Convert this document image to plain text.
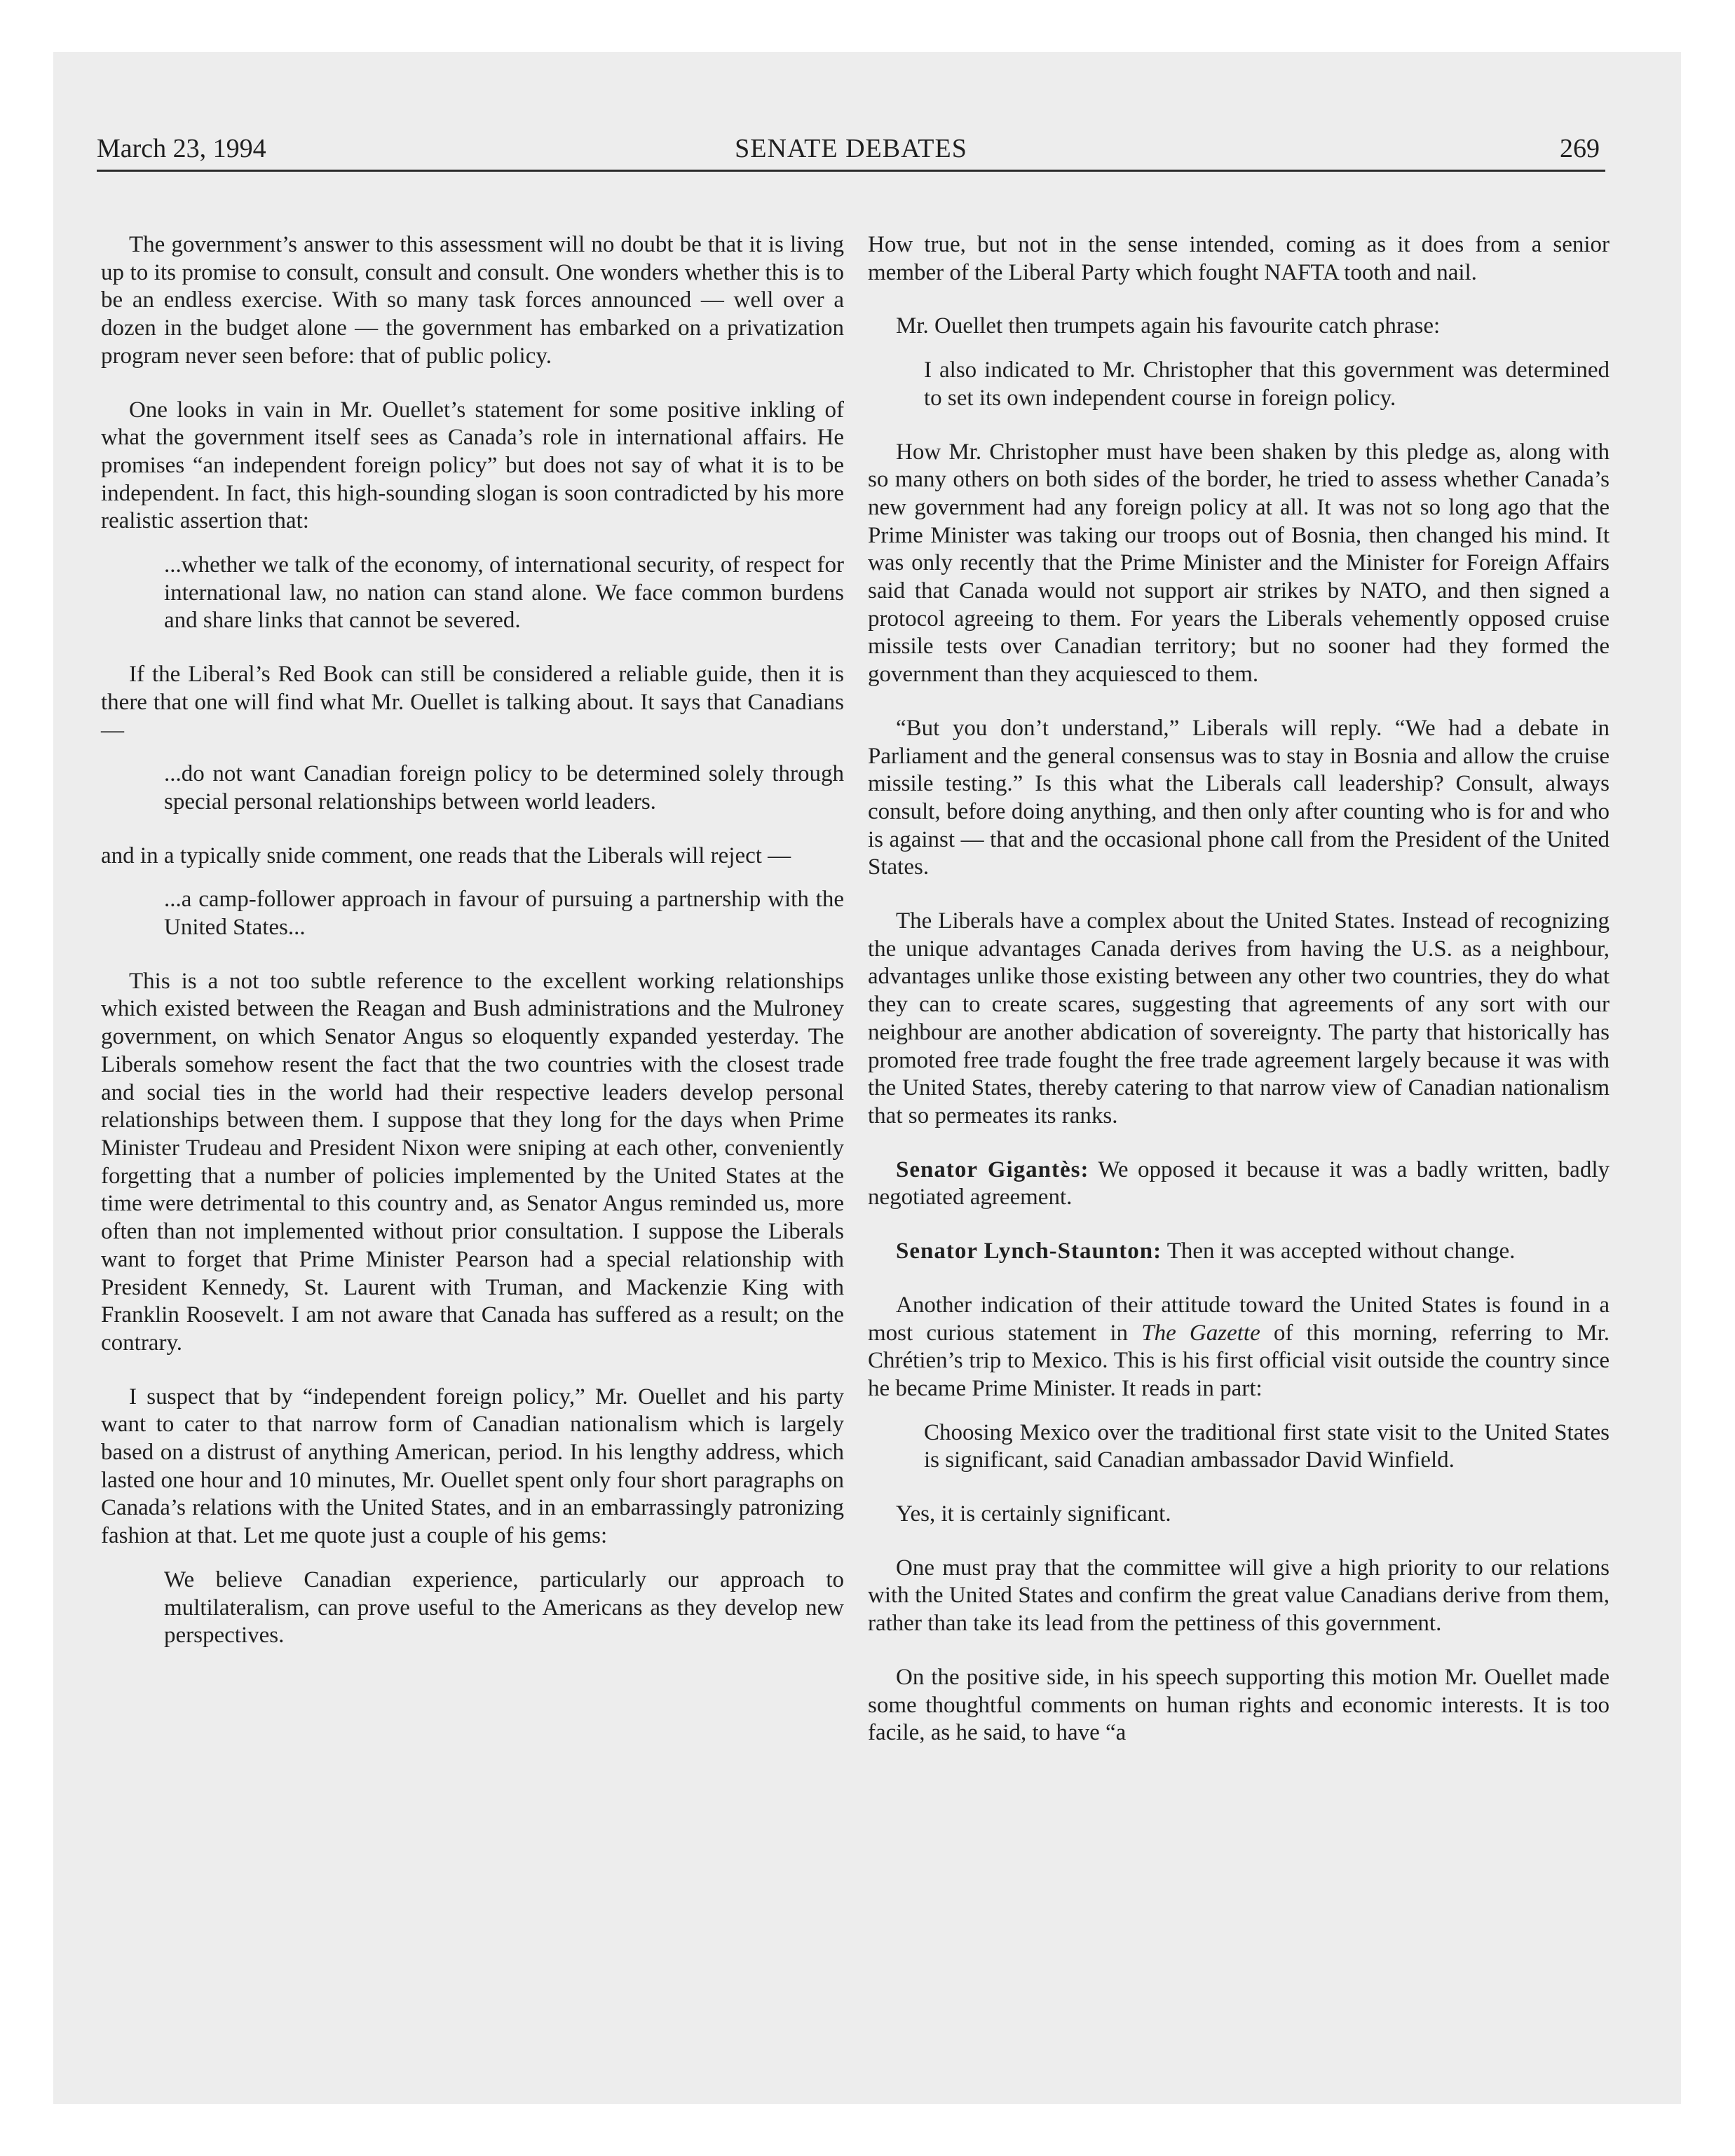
March 23, 1994	SENATE DEBATES	269

The government’s answer to this assessment will no doubt be that it is living up to its promise to consult, consult and consult. One wonders whether this is to be an endless exercise. With so many task forces announced — well over a dozen in the budget alone — the government has embarked on a privatization program never seen before: that of public policy.

One looks in vain in Mr. Ouellet’s statement for some positive inkling of what the government itself sees as Canada’s role in international affairs. He promises “an independent foreign policy” but does not say of what it is to be independent. In fact, this high-sounding slogan is soon contradicted by his more realistic assertion that:

...whether we talk of the economy, of international security, of respect for international law, no nation can stand alone. We face common burdens and share links that cannot be severed.

If the Liberal’s Red Book can still be considered a reliable guide, then it is there that one will find what Mr. Ouellet is talking about. It says that Canadians —

...do not want Canadian foreign policy to be determined solely through special personal relationships between world leaders.

and in a typically snide comment, one reads that the Liberals will reject —

...a camp-follower approach in favour of pursuing a partnership with the United States...

This is a not too subtle reference to the excellent working relationships which existed between the Reagan and Bush administrations and the Mulroney government, on which Senator Angus so eloquently expanded yesterday. The Liberals somehow resent the fact that the two countries with the closest trade and social ties in the world had their respective leaders develop personal relationships between them. I suppose that they long for the days when Prime Minister Trudeau and President Nixon were sniping at each other, conveniently forgetting that a number of policies implemented by the United States at the time were detrimental to this country and, as Senator Angus reminded us, more often than not implemented without prior consultation. I suppose the Liberals want to forget that Prime Minister Pearson had a special relationship with President Kennedy, St. Laurent with Truman, and Mackenzie King with Franklin Roosevelt. I am not aware that Canada has suffered as a result; on the contrary.

I suspect that by “independent foreign policy,” Mr. Ouellet and his party want to cater to that narrow form of Canadian nationalism which is largely based on a distrust of anything American, period. In his lengthy address, which lasted one hour and 10 minutes, Mr. Ouellet spent only four short paragraphs on Canada’s relations with the United States, and in an embarrassingly patronizing fashion at that. Let me quote just a couple of his gems:

We believe Canadian experience, particularly our approach to multilateralism, can prove useful to the Americans as they develop new perspectives.

How true, but not in the sense intended, coming as it does from a senior member of the Liberal Party which fought NAFTA tooth and nail.

Mr. Ouellet then trumpets again his favourite catch phrase:

I also indicated to Mr. Christopher that this government was determined to set its own independent course in foreign policy.

How Mr. Christopher must have been shaken by this pledge as, along with so many others on both sides of the border, he tried to assess whether Canada’s new government had any foreign policy at all. It was not so long ago that the Prime Minister was taking our troops out of Bosnia, then changed his mind. It was only recently that the Prime Minister and the Minister for Foreign Affairs said that Canada would not support air strikes by NATO, and then signed a protocol agreeing to them. For years the Liberals vehemently opposed cruise missile tests over Canadian territory; but no sooner had they formed the government than they acquiesced to them.

“But you don’t understand,” Liberals will reply. “We had a debate in Parliament and the general consensus was to stay in Bosnia and allow the cruise missile testing.” Is this what the Liberals call leadership? Consult, always consult, before doing anything, and then only after counting who is for and who is against — that and the occasional phone call from the President of the United States.

The Liberals have a complex about the United States. Instead of recognizing the unique advantages Canada derives from having the U.S. as a neighbour, advantages unlike those existing between any other two countries, they do what they can to create scares, suggesting that agreements of any sort with our neighbour are another abdication of sovereignty. The party that historically has promoted free trade fought the free trade agreement largely because it was with the United States, thereby catering to that narrow view of Canadian nationalism that so permeates its ranks.

Senator Gigantès: We opposed it because it was a badly written, badly negotiated agreement.

Senator Lynch-Staunton: Then it was accepted without change.

Another indication of their attitude toward the United States is found in a most curious statement in The Gazette of this morning, referring to Mr. Chrétien’s trip to Mexico. This is his first official visit outside the country since he became Prime Minister. It reads in part:

Choosing Mexico over the traditional first state visit to the United States is significant, said Canadian ambassador David Winfield.

Yes, it is certainly significant.

One must pray that the committee will give a high priority to our relations with the United States and confirm the great value Canadians derive from them, rather than take its lead from the pettiness of this government.

On the positive side, in his speech supporting this motion Mr. Ouellet made some thoughtful comments on human rights and economic interests. It is too facile, as he said, to have “a
